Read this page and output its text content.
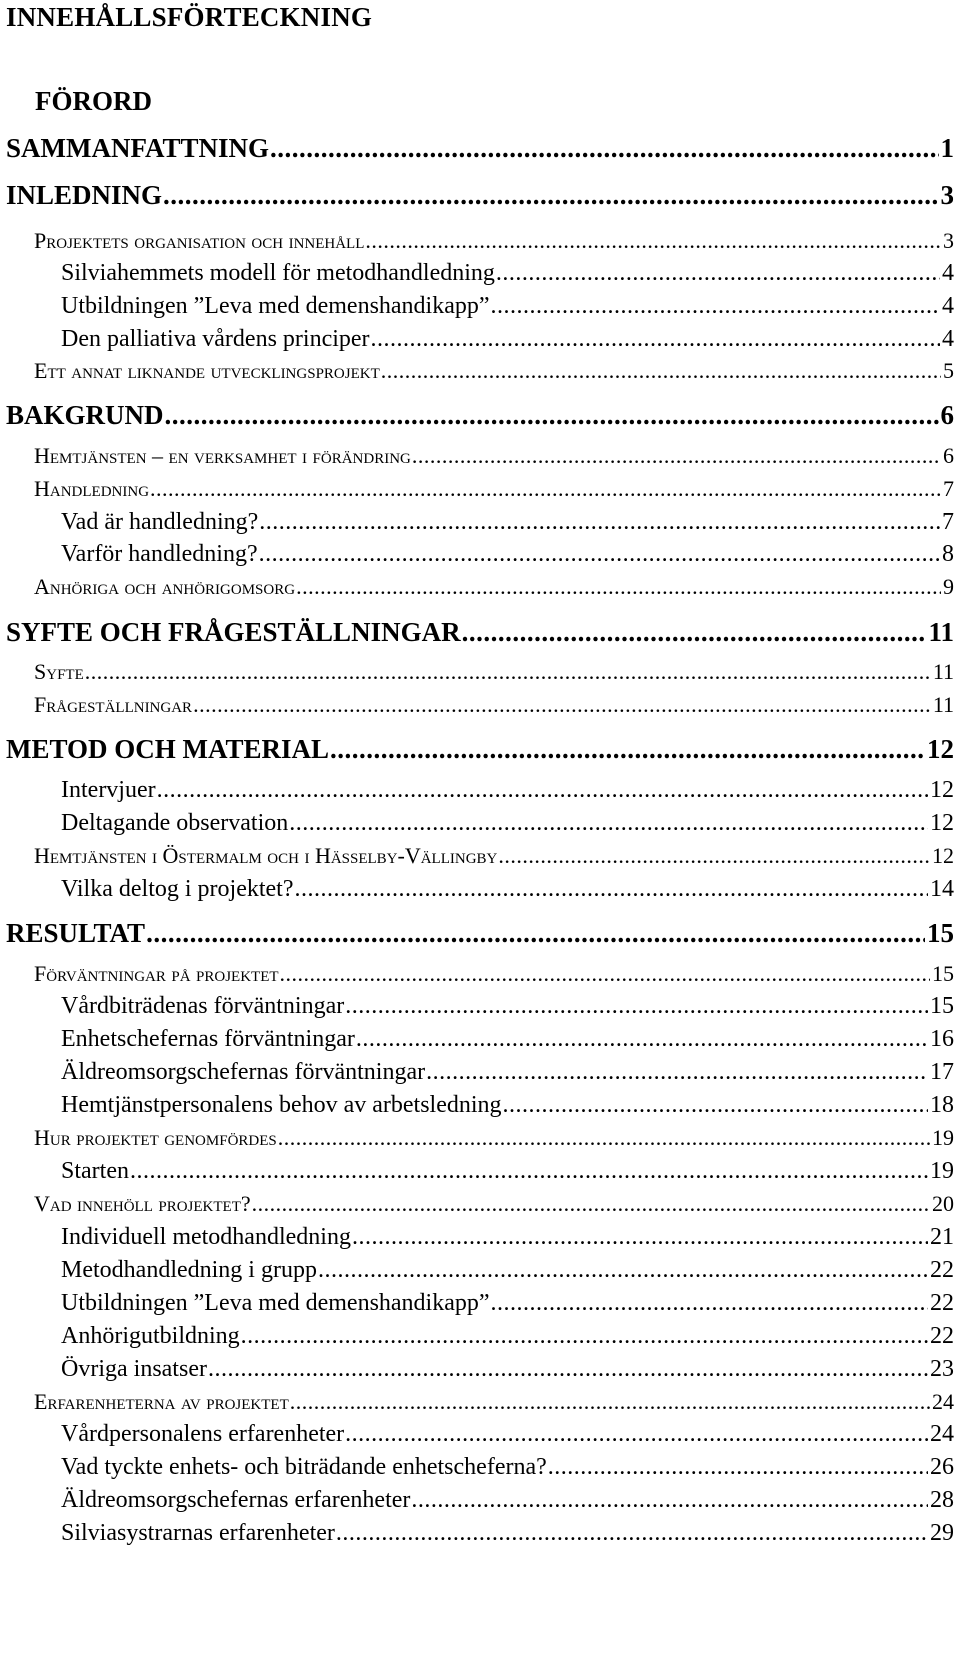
INNEHÅLLSFÖRTECKNING
FÖRORD
SAMMANFATTNING .....	1
INLEDNING .....	3
Projektets organisation och innehåll .....	3
Silviahemmets modell för metodhandledning .....	4
Utbildningen ”Leva med demenshandikapp” .....	4
Den palliativa vårdens principer .....	4
Ett annat liknande utvecklingsprojekt .....	5
BAKGRUND .....	6
Hemtjänsten – en verksamhet i förändring .....	6
Handledning .....	7
Vad är handledning? .....	7
Varför handledning? .....	8
Anhöriga och anhörigomsorg .....	9
SYFTE OCH FRÅGESTÄLLNINGAR .....	11
Syfte .....	11
Frågeställningar .....	11
METOD OCH MATERIAL .....	12
Intervjuer .....	12
Deltagande observation .....	12
Hemtjänsten i Östermalm och i Hässelby-Vällingby .....	12
Vilka deltog i projektet? .....	14
RESULTAT .....	15
Förväntningar på projektet .....	15
Vårdbiträdenas förväntningar .....	15
Enhetschefernas förväntningar .....	16
Äldreomsorgschefernas förväntningar .....	17
Hemtjänstpersonalens behov av arbetsledning .....	18
Hur projektet genomfördes .....	19
Starten .....	19
Vad innehöll projektet? .....	20
Individuell metodhandledning .....	21
Metodhandledning i grupp .....	22
Utbildningen ”Leva med demenshandikapp” .....	22
Anhörigutbildning .....	22
Övriga insatser .....	23
Erfarenheterna av projektet .....	24
Vårdpersonalens erfarenheter .....	24
Vad tyckte enhets- och biträdande enhetscheferna? .....	26
Äldreomsorgschefernas erfarenheter .....	28
Silviasystrarnas erfarenheter .....	29
